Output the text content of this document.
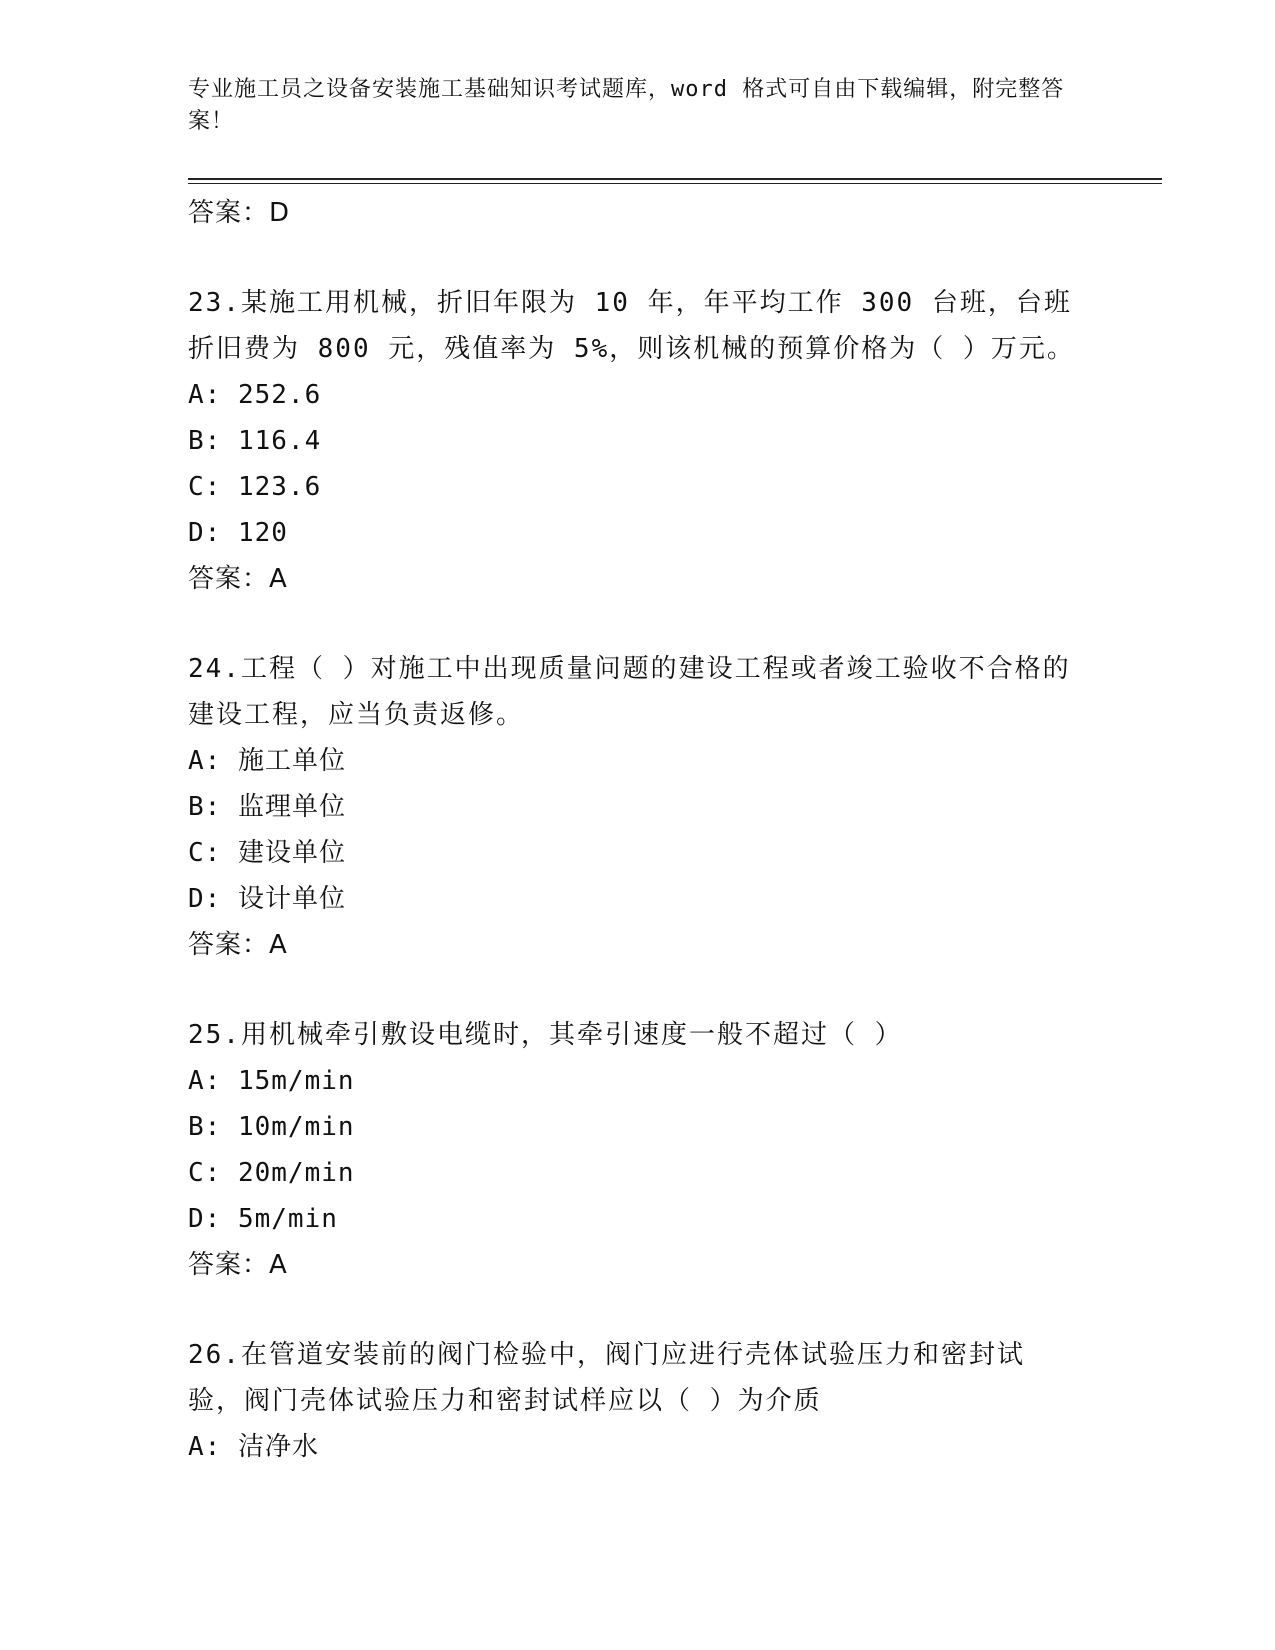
专业施工员之设备安装施工基础知识考试题库，word 格式可自由下载编辑，附完整答案！
答案：D
23.某施工用机械，折旧年限为 10 年，年平均工作 300 台班，台班折旧费为 800 元，残值率为 5%，则该机械的预算价格为（ ）万元。
A: 252.6
B: 116.4
C: 123.6
D: 120
答案：A
24.工程（ ）对施工中出现质量问题的建设工程或者竣工验收不合格的建设工程，应当负责返修。
A: 施工单位
B: 监理单位
C: 建设单位
D: 设计单位
答案：A
25.用机械牵引敷设电缆时，其牵引速度一般不超过（ ）
A: 15m/min
B: 10m/min
C: 20m/min
D: 5m/min
答案：A
26.在管道安装前的阀门检验中，阀门应进行壳体试验压力和密封试验，阀门壳体试验压力和密封试样应以（ ）为介质
A: 洁净水
